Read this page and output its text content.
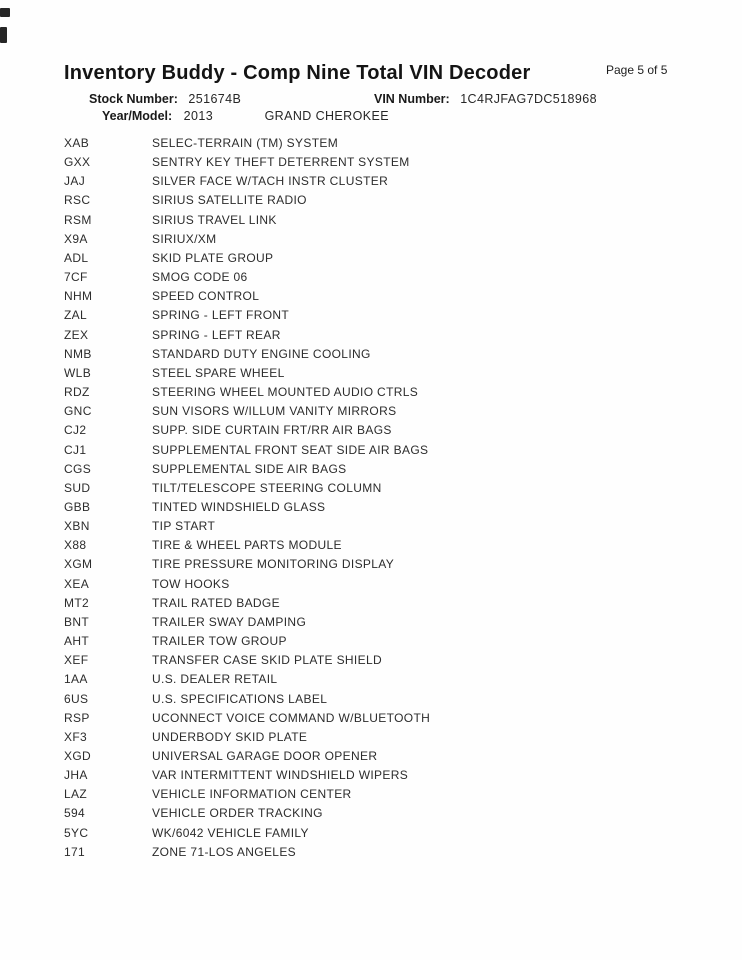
Inventory Buddy - Comp Nine Total VIN Decoder	Page 5 of 5
Stock Number: 251674B	VIN Number: 1C4RJFAG7DC518968
Year/Model: 2013	GRAND CHEROKEE
XAB	SELEC-TERRAIN (TM) SYSTEM
GXX	SENTRY KEY THEFT DETERRENT SYSTEM
JAJ	SILVER FACE W/TACH INSTR CLUSTER
RSC	SIRIUS SATELLITE RADIO
RSM	SIRIUS TRAVEL LINK
X9A	SIRIUX/XM
ADL	SKID PLATE GROUP
7CF	SMOG CODE 06
NHM	SPEED CONTROL
ZAL	SPRING - LEFT FRONT
ZEX	SPRING - LEFT REAR
NMB	STANDARD DUTY ENGINE COOLING
WLB	STEEL SPARE WHEEL
RDZ	STEERING WHEEL MOUNTED AUDIO CTRLS
GNC	SUN VISORS W/ILLUM VANITY MIRRORS
CJ2	SUPP. SIDE CURTAIN FRT/RR AIR BAGS
CJ1	SUPPLEMENTAL FRONT SEAT SIDE AIR BAGS
CGS	SUPPLEMENTAL SIDE AIR BAGS
SUD	TILT/TELESCOPE STEERING COLUMN
GBB	TINTED WINDSHIELD GLASS
XBN	TIP START
X88	TIRE & WHEEL PARTS MODULE
XGM	TIRE PRESSURE MONITORING DISPLAY
XEA	TOW HOOKS
MT2	TRAIL RATED BADGE
BNT	TRAILER SWAY DAMPING
AHT	TRAILER TOW GROUP
XEF	TRANSFER CASE SKID PLATE SHIELD
1AA	U.S. DEALER RETAIL
6US	U.S. SPECIFICATIONS LABEL
RSP	UCONNECT VOICE COMMAND W/BLUETOOTH
XF3	UNDERBODY SKID PLATE
XGD	UNIVERSAL GARAGE DOOR OPENER
JHA	VAR INTERMITTENT WINDSHIELD WIPERS
LAZ	VEHICLE INFORMATION CENTER
594	VEHICLE ORDER TRACKING
5YC	WK/6042 VEHICLE FAMILY
171	ZONE 71-LOS ANGELES
